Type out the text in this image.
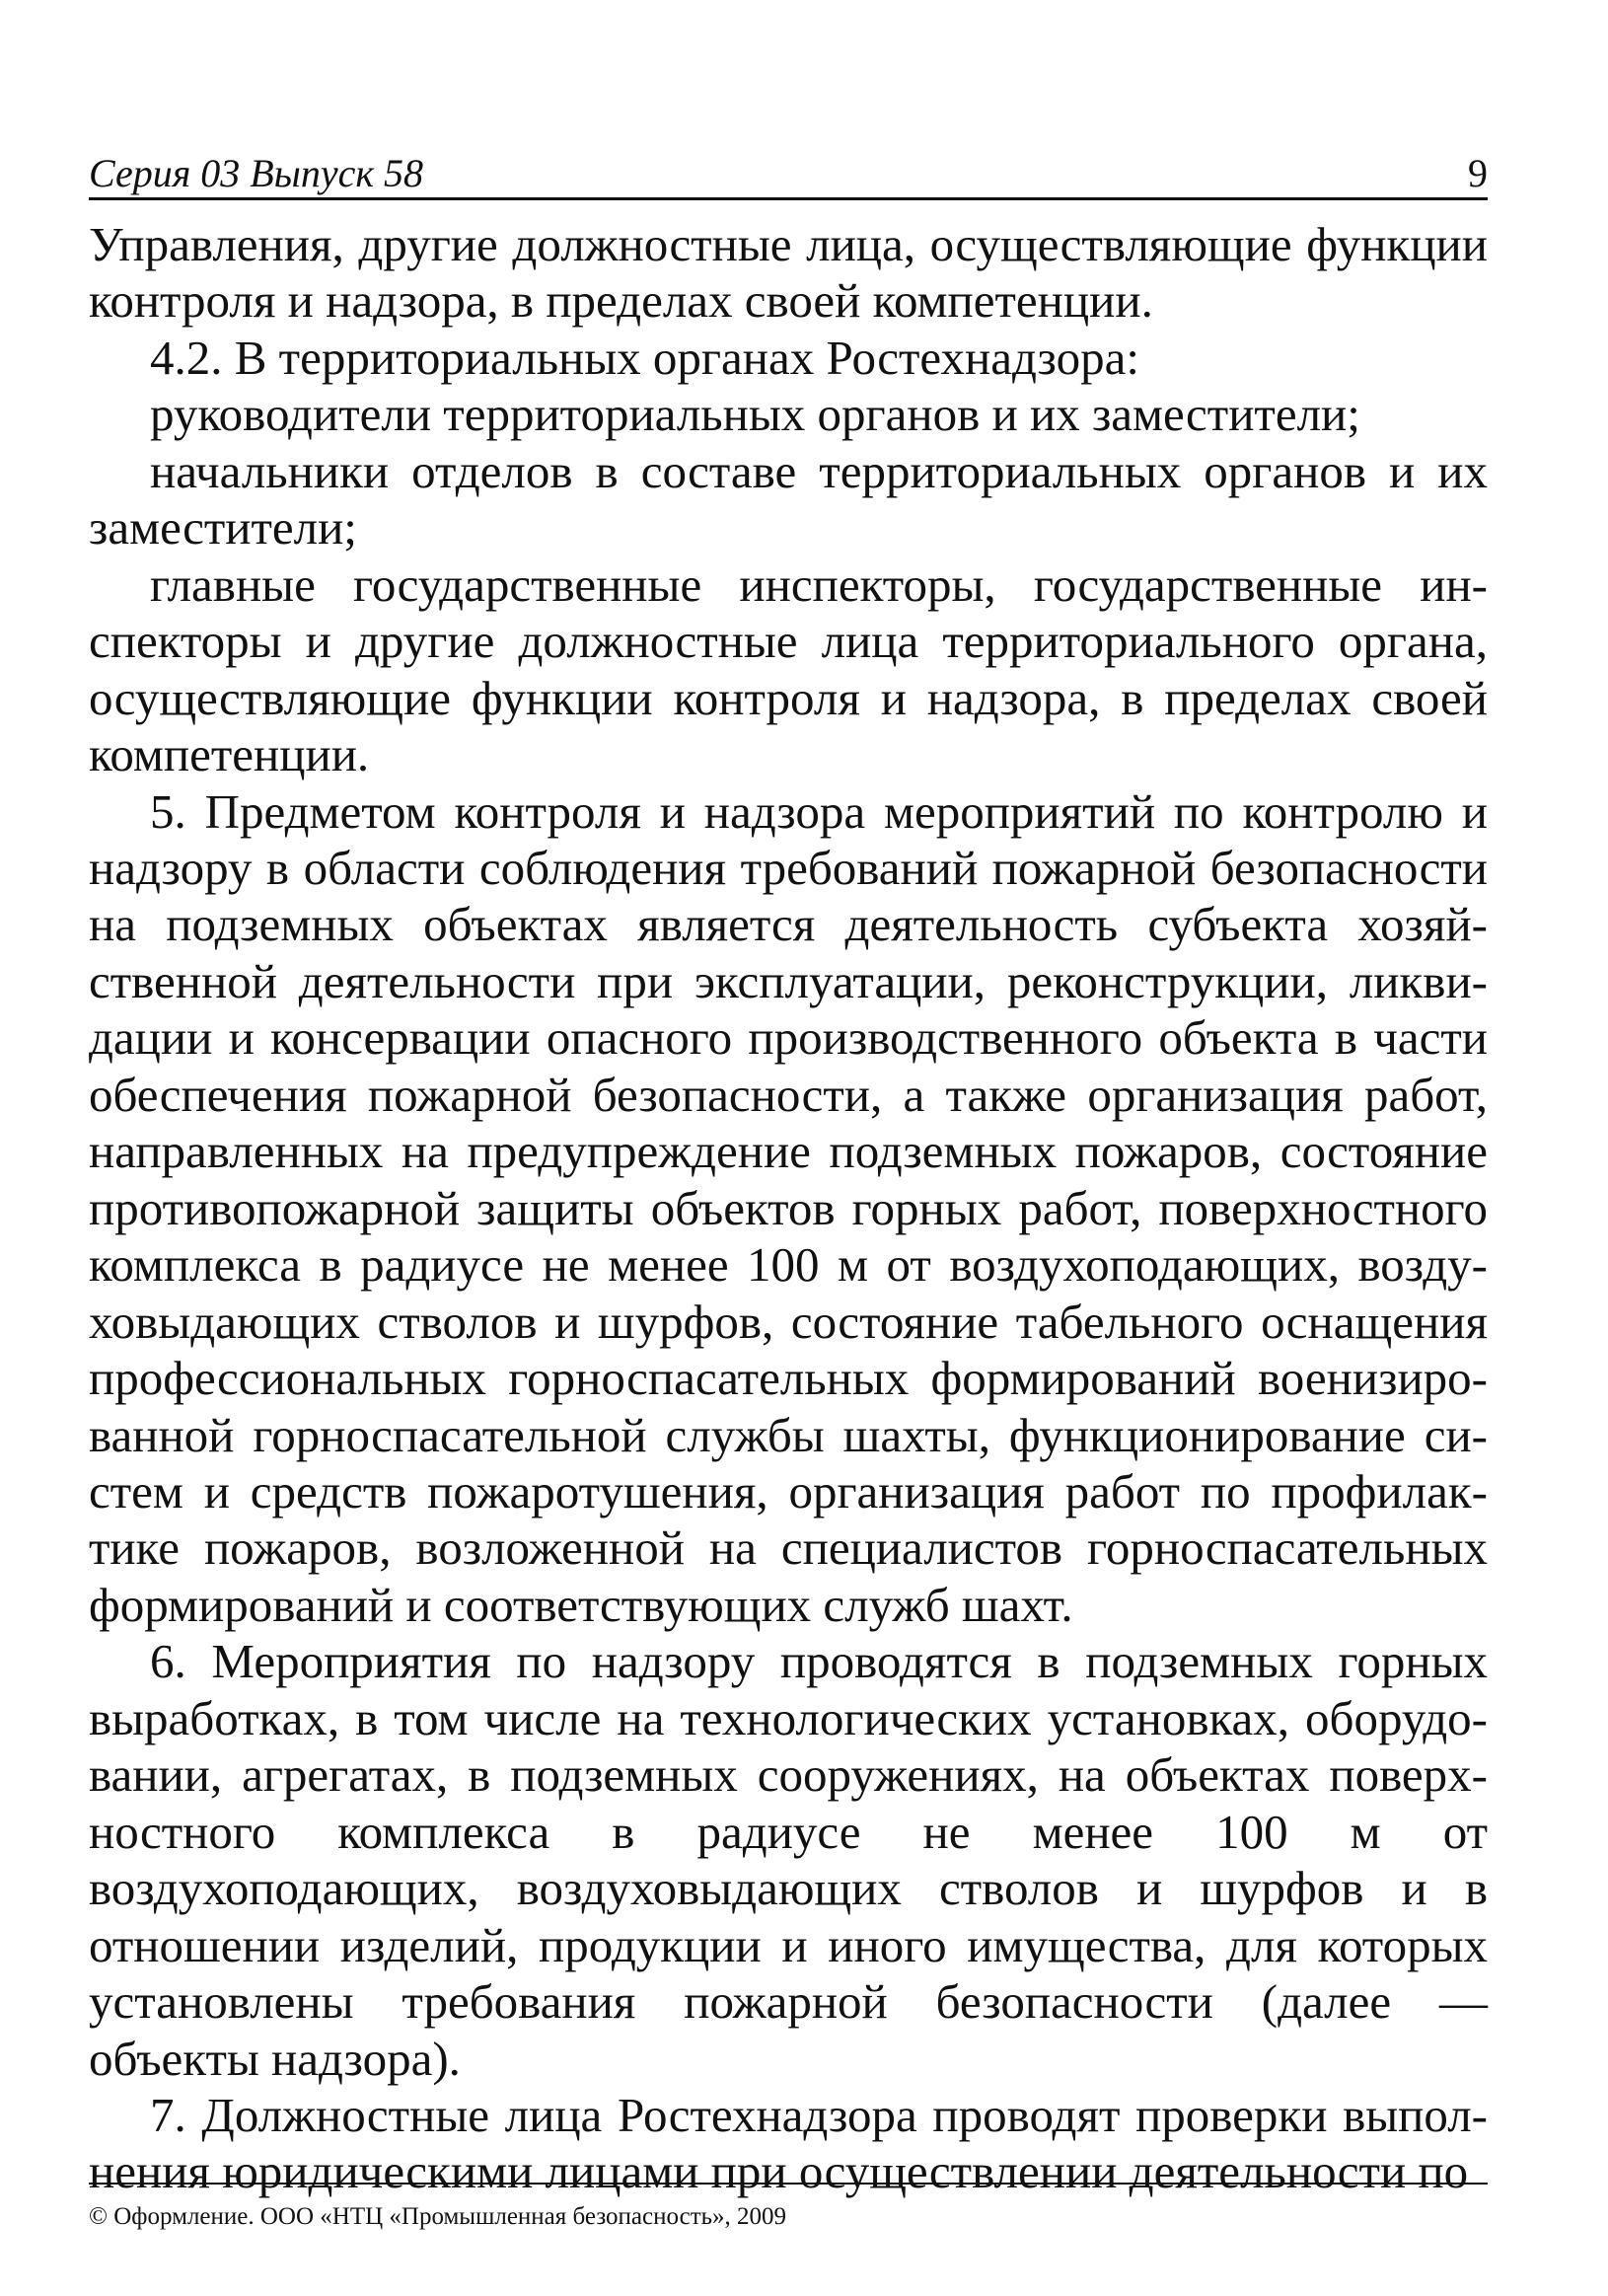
Серия 03 Выпуск 58	9

Управления, другие должностные лица, осуществляющие функции контроля и надзора, в пределах своей компетенции.

4.2. В территориальных органах Ростехнадзора:

руководители территориальных органов и их заместители;

начальники отделов в составе территориальных органов и их заместители;

главные государственные инспекторы, государственные инспекторы и другие должностные лица территориального органа, осуществляющие функции контроля и надзора, в пределах своей компетенции.

5. Предметом контроля и надзора мероприятий по контролю и надзору в области соблюдения требований пожарной безопасности на подземных объектах является деятельность субъекта хозяйственной деятельности при эксплуатации, реконструкции, ликвидации и консервации опасного производственного объекта в части обеспечения пожарной безопасности, а также организация работ, направленных на предупреждение подземных пожаров, состояние противопожарной защиты объектов горных работ, поверхностного комплекса в радиусе не менее 100 м от воздухоподающих, воздуховыдающих стволов и шурфов, состояние табельного оснащения профессиональных горноспасательных формирований военизированной горноспасательной службы шахты, функционирование систем и средств пожаротушения, организация работ по профилактике пожаров, возложенной на специалистов горноспасательных формирований и соответствующих служб шахт.

6. Мероприятия по надзору проводятся в подземных горных выработках, в том числе на технологических установках, оборудовании, агрегатах, в подземных сооружениях, на объектах поверхностного комплекса в радиусе не менее 100 м от воздухоподающих, воздуховыдающих стволов и шурфов и в отношении изделий, продукции и иного имущества, для которых установлены требования пожарной безопасности (далее — объекты надзора).

7. Должностные лица Ростехнадзора проводят проверки выполнения юридическими лицами при осуществлении деятельности по

© Оформление. ООО «НТЦ «Промышленная безопасность», 2009
